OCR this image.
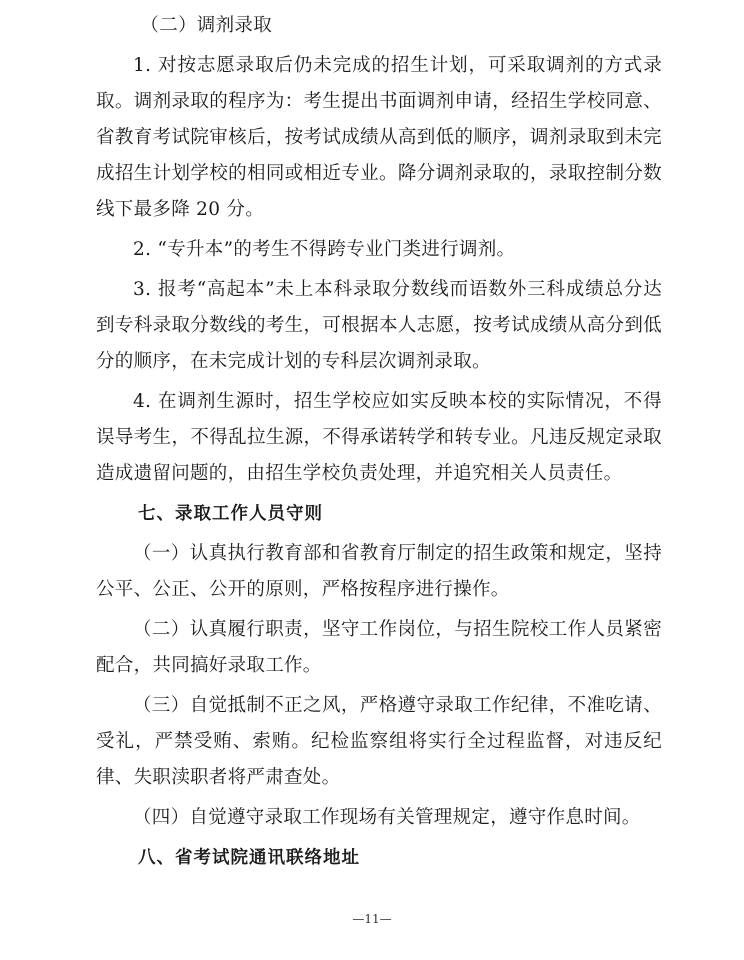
（二）调剂录取

1. 对按志愿录取后仍未完成的招生计划，可采取调剂的方式录取。调剂录取的程序为：考生提出书面调剂申请，经招生学校同意、省教育考试院审核后，按考试成绩从高到低的顺序，调剂录取到未完成招生计划学校的相同或相近专业。降分调剂录取的，录取控制分数线下最多降 20 分。

2. “专升本”的考生不得跨专业门类进行调剂。

3. 报考“高起本”未上本科录取分数线而语数外三科成绩总分达到专科录取分数线的考生，可根据本人志愿，按考试成绩从高分到低分的顺序，在未完成计划的专科层次调剂录取。

4. 在调剂生源时，招生学校应如实反映本校的实际情况，不得误导考生，不得乱拉生源，不得承诺转学和转专业。凡违反规定录取造成遗留问题的，由招生学校负责处理，并追究相关人员责任。

七、录取工作人员守则

（一）认真执行教育部和省教育厅制定的招生政策和规定，坚持公平、公正、公开的原则，严格按程序进行操作。

（二）认真履行职责，坚守工作岗位，与招生院校工作人员紧密配合，共同搞好录取工作。

（三）自觉抵制不正之风，严格遵守录取工作纪律，不准吃请、受礼，严禁受贿、索贿。纪检监察组将实行全过程监督，对违反纪律、失职渎职者将严肃查处。

（四）自觉遵守录取工作现场有关管理规定，遵守作息时间。

八、省考试院通讯联络地址

—11—
